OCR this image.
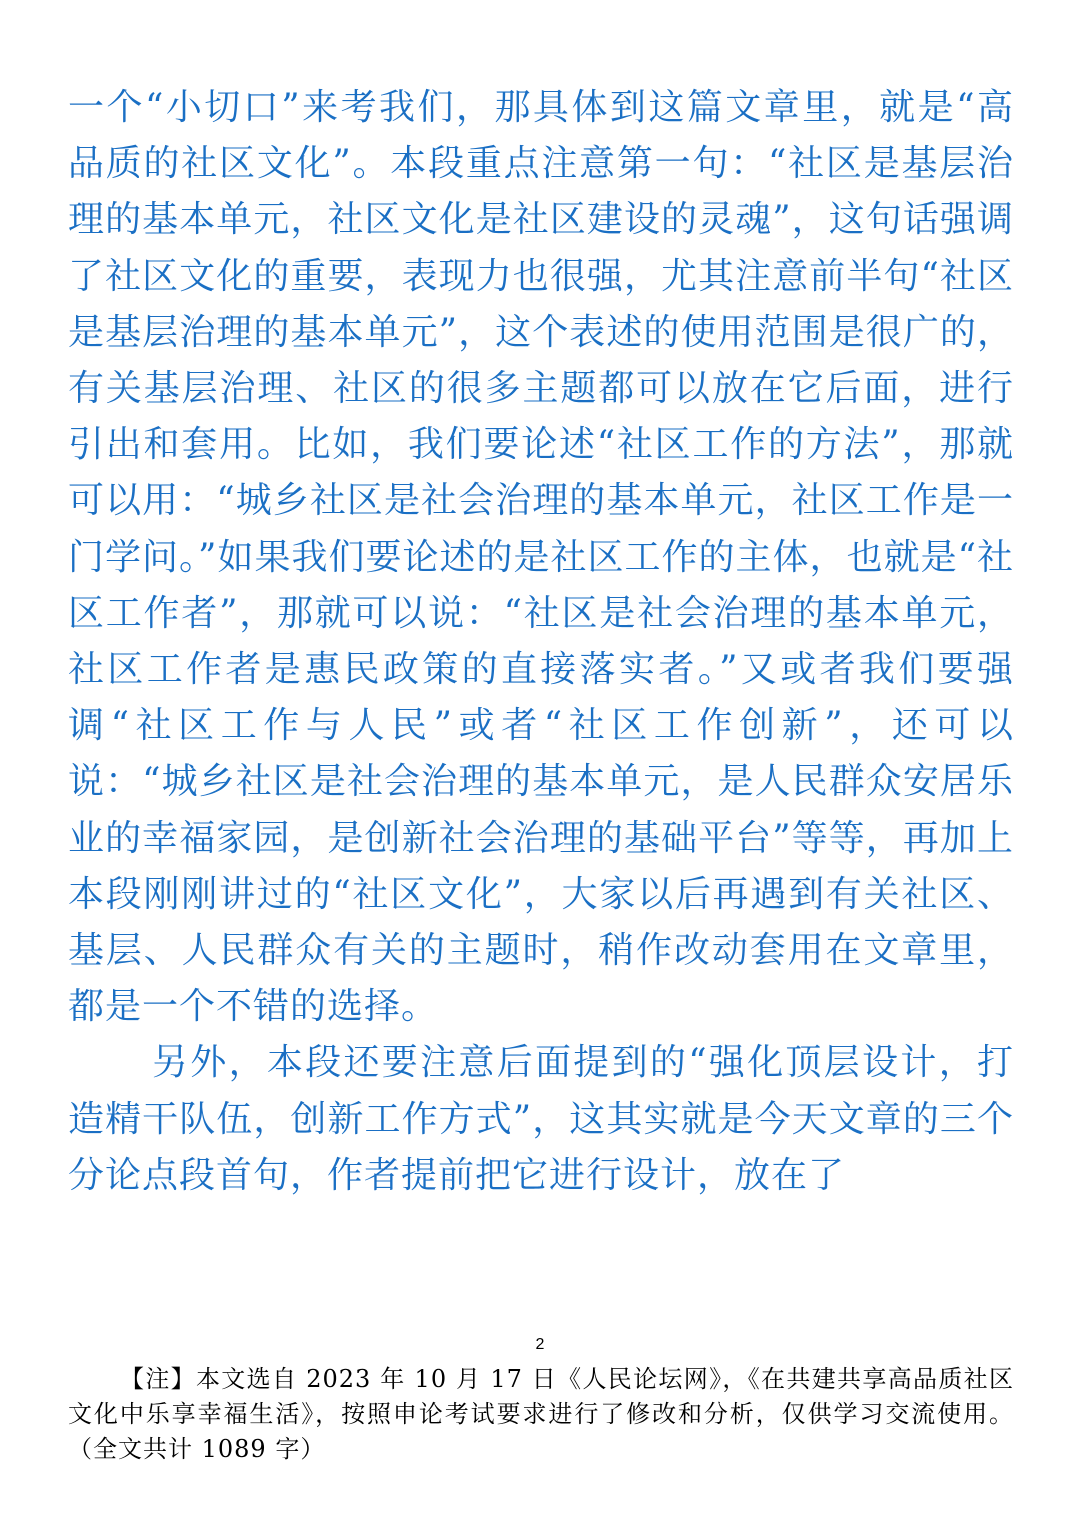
一个“小切口”来考我们，那具体到这篇文章里，就是“高品质的社区文化”。本段重点注意第一句：“社区是基层治理的基本单元，社区文化是社区建设的灵魂”，这句话强调了社区文化的重要，表现力也很强，尤其注意前半句“社区是基层治理的基本单元”，这个表述的使用范围是很广的，有关基层治理、社区的很多主题都可以放在它后面，进行引出和套用。比如，我们要论述“社区工作的方法”，那就可以用：“城乡社区是社会治理的基本单元，社区工作是一门学问。”如果我们要论述的是社区工作的主体，也就是“社区工作者”，那就可以说：“社区是社会治理的基本单元，社区工作者是惠民政策的直接落实者。”又或者我们要强调“社区工作与人民”或者“社区工作创新”，还可以说：“城乡社区是社会治理的基本单元，是人民群众安居乐业的幸福家园，是创新社会治理的基础平台”等等，再加上本段刚刚讲过的“社区文化”，大家以后再遇到有关社区、基层、人民群众有关的主题时，稍作改动套用在文章里，都是一个不错的选择。

另外，本段还要注意后面提到的“强化顶层设计，打造精干队伍，创新工作方式”，这其实就是今天文章的三个分论点段首句，作者提前把它进行设计，放在了

2
【注】本文选自 2023 年 10 月 17 日《人民论坛网》，《在共建共享高品质社区文化中乐享幸福生活》，按照申论考试要求进行了修改和分析，仅供学习交流使用。（全文共计 1089 字）
